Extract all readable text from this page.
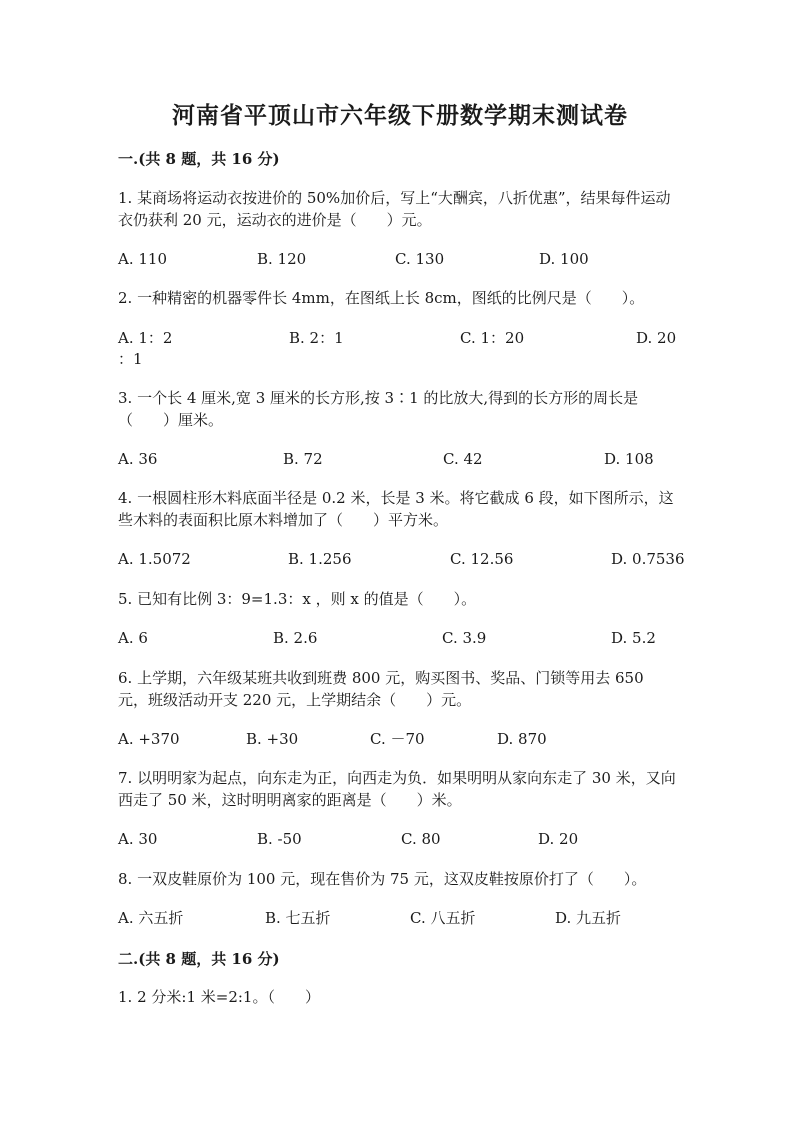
河南省平顶山市六年级下册数学期末测试卷
一.(共 8 题，共 16 分)
1. 某商场将运动衣按进价的 50%加价后，写上“大酬宾，八折优惠”，结果每件运动衣仍获利 20 元，运动衣的进价是（　　）元。
A. 110	B. 120	C. 130	D. 100
2. 一种精密的机器零件长 4mm，在图纸上长 8cm，图纸的比例尺是（　　）。
A. 1：2	B. 2：1	C. 1：20	D. 20
：1
3. 一个长 4 厘米,宽 3 厘米的长方形,按 3∶1 的比放大,得到的长方形的周长是（　　）厘米。
A. 36	B. 72	C. 42	D. 108
4. 一根圆柱形木料底面半径是 0.2 米，长是 3 米。将它截成 6 段，如下图所示，这些木料的表面积比原木料增加了（　　）平方米。
A. 1.5072	B. 1.256	C. 12.56	D. 0.7536
5. 已知有比例 3：9=1.3：x ，则 x 的值是（　　）。
A. 6	B. 2.6	C. 3.9	D. 5.2
6. 上学期，六年级某班共收到班费 800 元，购买图书、奖品、门锁等用去 650 元，班级活动开支 220 元，上学期结余（　　）元。
A. +370	B. +30	C. －70	D. 870
7. 以明明家为起点，向东走为正，向西走为负．如果明明从家向东走了 30 米，又向西走了 50 米，这时明明离家的距离是（　　）米。
A. 30	B. -50	C. 80	D. 20
8. 一双皮鞋原价为 100 元，现在售价为 75 元，这双皮鞋按原价打了（　　）。
A. 六五折	B. 七五折	C. 八五折	D. 九五折
二.(共 8 题，共 16 分)
1. 2 分米:1 米=2:1。（　　）
